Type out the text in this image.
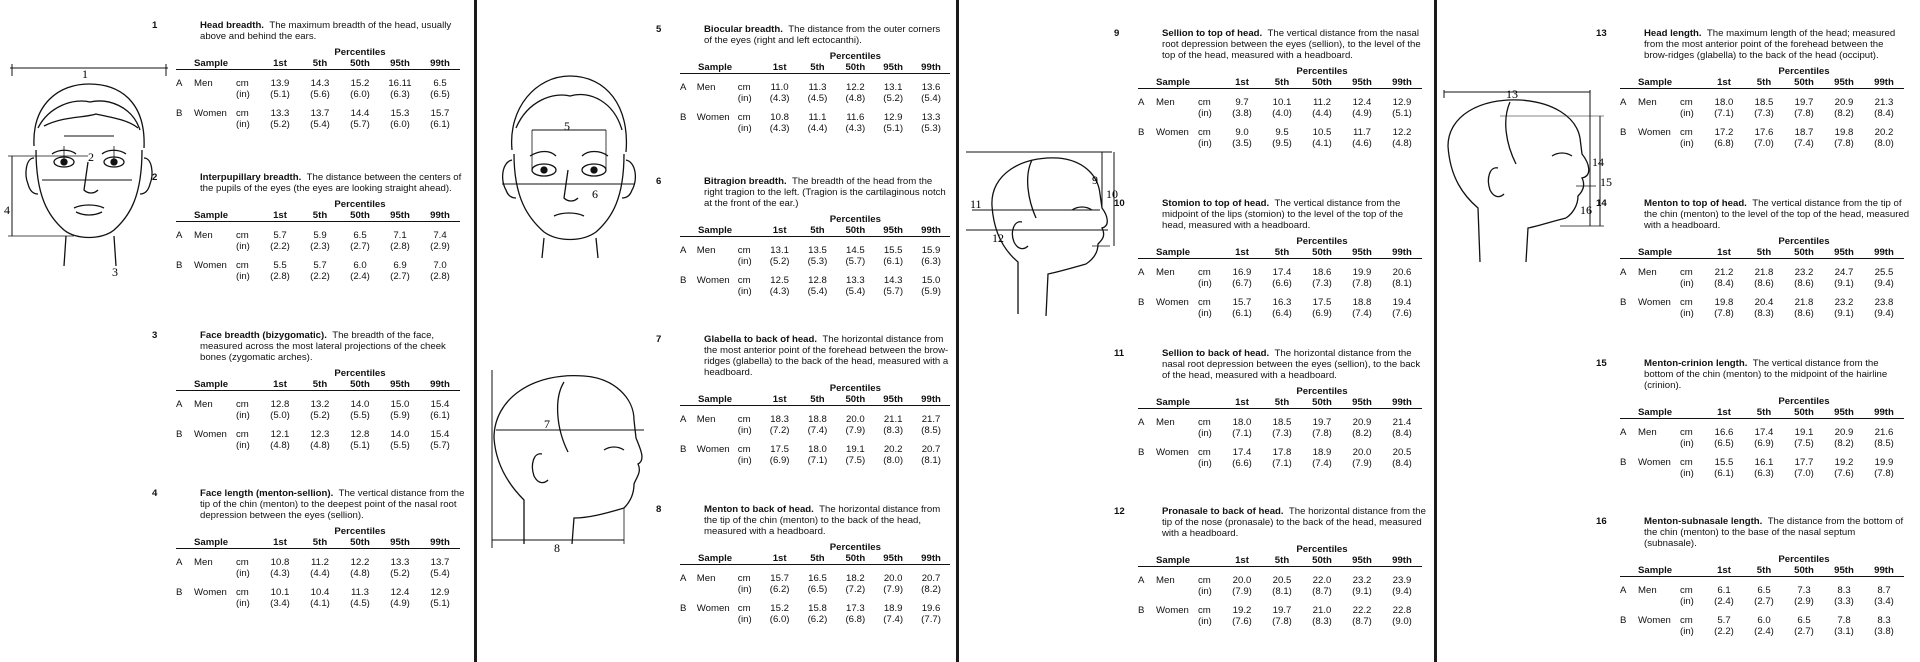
1
2
3
4
5
6
7
8
9
10
11
12
13
14
15
16
1	Head breadth. The maximum breadth of the head, usually above and behind the ears.
			Percentiles				
Sample			1st	5th	50th	95th	99th

A	Men	cm	13.9	14.3	15.2	16.11	6.5
		(in)	(5.1)	(5.6)	(6.0)	(6.3)	(6.5)

B	Women	cm	13.3	13.7	14.4	15.3	15.7
		(in)	(5.2)	(5.4)	(5.7)	(6.0)	(6.1)
2	Interpupillary breadth. The distance between the centers of the pupils of the eyes (the eyes are looking straight ahead).
			Percentiles				
Sample			1st	5th	50th	95th	99th

A	Men	cm	5.7	5.9	6.5	7.1	7.4
		(in)	(2.2)	(2.3)	(2.7)	(2.8)	(2.9)

B	Women	cm	5.5	5.7	6.0	6.9	7.0
		(in)	(2.8)	(2.2)	(2.4)	(2.7)	(2.8)
3	Face breadth (bizygomatic). The breadth of the face, measured across the most lateral projections of the cheek bones (zygomatic arches).
			Percentiles				
Sample			1st	5th	50th	95th	99th

A	Men	cm	12.8	13.2	14.0	15.0	15.4
		(in)	(5.0)	(5.2)	(5.5)	(5.9)	(6.1)

B	Women	cm	12.1	12.3	12.8	14.0	15.4
		(in)	(4.8)	(4.8)	(5.1)	(5.5)	(5.7)
4	Face length (menton-sellion). The vertical distance from the tip of the chin (menton) to the deepest point of the nasal root depression between the eyes (sellion).
			Percentiles				
Sample			1st	5th	50th	95th	99th

A	Men	cm	10.8	11.2	12.2	13.3	13.7
		(in)	(4.3)	(4.4)	(4.8)	(5.2)	(5.4)

B	Women	cm	10.1	10.4	11.3	12.4	12.9
		(in)	(3.4)	(4.1)	(4.5)	(4.9)	(5.1)
5	Biocular breadth. The distance from the outer corners of the eyes (right and left ectocanthi).
			Percentiles				
Sample			1st	5th	50th	95th	99th

A	Men	cm	11.0	11.3	12.2	13.1	13.6
		(in)	(4.3)	(4.5)	(4.8)	(5.2)	(5.4)

B	Women	cm	10.8	11.1	11.6	12.9	13.3
		(in)	(4.3)	(4.4)	(4.3)	(5.1)	(5.3)
6	Bitragion breadth. The breadth of the head from the right tragion to the left. (Tragion is the cartilaginous notch at the front of the ear.)
			Percentiles				
Sample			1st	5th	50th	95th	99th

A	Men	cm	13.1	13.5	14.5	15.5	15.9
		(in)	(5.2)	(5.3)	(5.7)	(6.1)	(6.3)

B	Women	cm	12.5	12.8	13.3	14.3	15.0
		(in)	(4.3)	(5.4)	(5.4)	(5.7)	(5.9)
7	Glabella to back of head. The horizontal distance from the most anterior point of the forehead between the brow-ridges (glabella) to the back of the head, measured with a headboard.
			Percentiles				
Sample			1st	5th	50th	95th	99th

A	Men	cm	18.3	18.8	20.0	21.1	21.7
		(in)	(7.2)	(7.4)	(7.9)	(8.3)	(8.5)

B	Women	cm	17.5	18.0	19.1	20.2	20.7
		(in)	(6.9)	(7.1)	(7.5)	(8.0)	(8.1)
8	Menton to back of head. The horizontal distance from the tip of the chin (menton) to the back of the head, measured with a headboard.
			Percentiles				
Sample			1st	5th	50th	95th	99th

A	Men	cm	15.7	16.5	18.2	20.0	20.7
		(in)	(6.2)	(6.5)	(7.2)	(7.9)	(8.2)

B	Women	cm	15.2	15.8	17.3	18.9	19.6
		(in)	(6.0)	(6.2)	(6.8)	(7.4)	(7.7)
9	Sellion to top of head. The vertical distance from the nasal root depression between the eyes (sellion), to the level of the top of the head, measured with a headboard.
			Percentiles				
Sample			1st	5th	50th	95th	99th

A	Men	cm	9.7	10.1	11.2	12.4	12.9
		(in)	(3.8)	(4.0)	(4.4)	(4.9)	(5.1)

B	Women	cm	9.0	9.5	10.5	11.7	12.2
		(in)	(3.5)	(9.5)	(4.1)	(4.6)	(4.8)
10	Stomion to top of head. The vertical distance from the midpoint of the lips (stomion) to the level of the top of the head, measured with a headboard.
			Percentiles				
Sample			1st	5th	50th	95th	99th

A	Men	cm	16.9	17.4	18.6	19.9	20.6
		(in)	(6.7)	(6.6)	(7.3)	(7.8)	(8.1)

B	Women	cm	15.7	16.3	17.5	18.8	19.4
		(in)	(6.1)	(6.4)	(6.9)	(7.4)	(7.6)
11	Sellion to back of head. The horizontal distance from the nasal root depression between the eyes (sellion), to the back of the head, measured with a headboard.
			Percentiles				
Sample			1st	5th	50th	95th	99th

A	Men	cm	18.0	18.5	19.7	20.9	21.4
		(in)	(7.1)	(7.3)	(7.8)	(8.2)	(8.4)

B	Women	cm	17.4	17.8	18.9	20.0	20.5
		(in)	(6.6)	(7.1)	(7.4)	(7.9)	(8.4)
12	Pronasale to back of head. The horizontal distance from the tip of the nose (pronasale) to the back of the head, measured with a headboard.
			Percentiles				
Sample			1st	5th	50th	95th	99th

A	Men	cm	20.0	20.5	22.0	23.2	23.9
		(in)	(7.9)	(8.1)	(8.7)	(9.1)	(9.4)

B	Women	cm	19.2	19.7	21.0	22.2	22.8
		(in)	(7.6)	(7.8)	(8.3)	(8.7)	(9.0)
13	Head length. The maximum length of the head; measured from the most anterior point of the forehead between the brow-ridges (glabella) to the back of the head (occiput).
			Percentiles				
Sample			1st	5th	50th	95th	99th

A	Men	cm	18.0	18.5	19.7	20.9	21.3
		(in)	(7.1)	(7.3)	(7.8)	(8.2)	(8.4)

B	Women	cm	17.2	17.6	18.7	19.8	20.2
		(in)	(6.8)	(7.0)	(7.4)	(7.8)	(8.0)
14	Menton to top of head. The vertical distance from the tip of the chin (menton) to the level of the top of the head, measured with a headboard.
			Percentiles				
Sample			1st	5th	50th	95th	99th

A	Men	cm	21.2	21.8	23.2	24.7	25.5
		(in)	(8.4)	(8.6)	(8.6)	(9.1)	(9.4)

B	Women	cm	19.8	20.4	21.8	23.2	23.8
		(in)	(7.8)	(8.3)	(8.6)	(9.1)	(9.4)
15	Menton-crinion length. The vertical distance from the bottom of the chin (menton) to the midpoint of the hairline (crinion).
			Percentiles				
Sample			1st	5th	50th	95th	99th

A	Men	cm	16.6	17.4	19.1	20.9	21.6
		(in)	(6.5)	(6.9)	(7.5)	(8.2)	(8.5)

B	Women	cm	15.5	16.1	17.7	19.2	19.9
		(in)	(6.1)	(6.3)	(7.0)	(7.6)	(7.8)
16	Menton-subnasale length. The distance from the bottom of the chin (menton) to the base of the nasal septum (subnasale).
			Percentiles				
Sample			1st	5th	50th	95th	99th

A	Men	cm	6.1	6.5	7.3	8.3	8.7
		(in)	(2.4)	(2.7)	(2.9)	(3.3)	(3.4)

B	Women	cm	5.7	6.0	6.5	7.8	8.3
		(in)	(2.2)	(2.4)	(2.7)	(3.1)	(3.8)
